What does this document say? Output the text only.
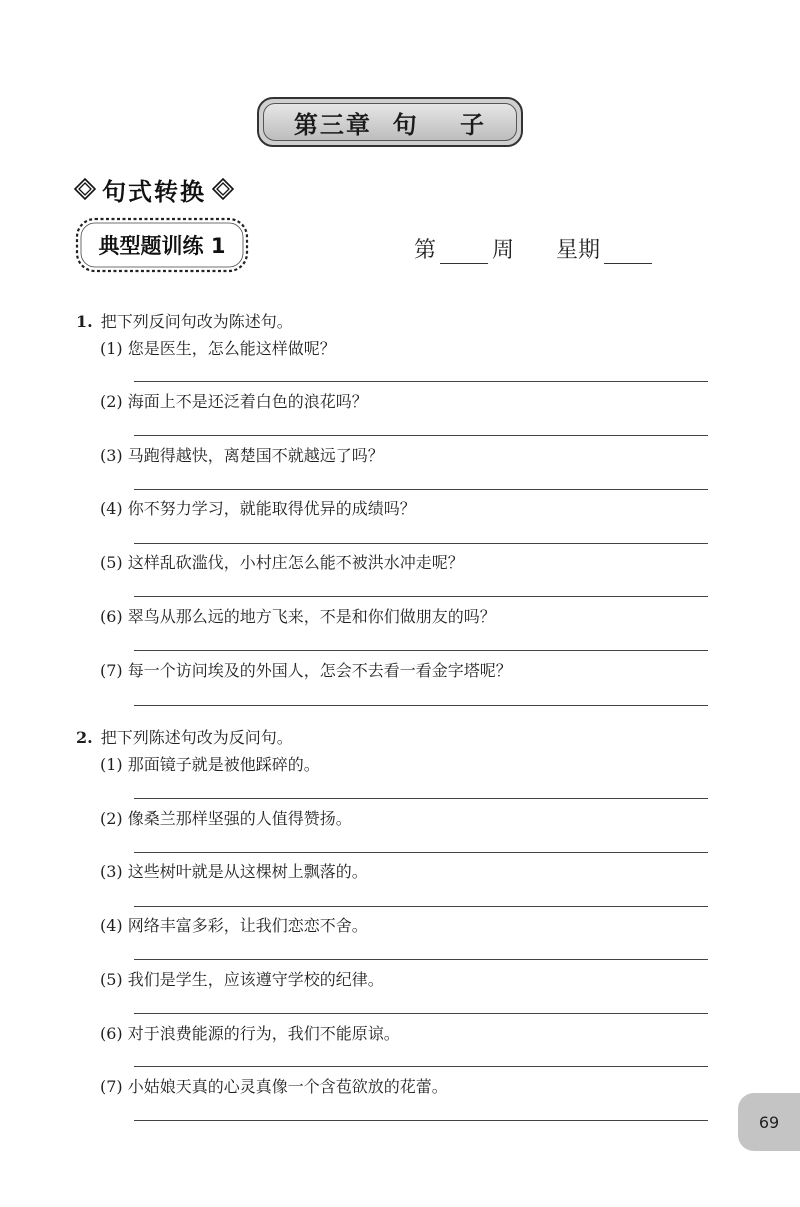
第三章  句    子
句式转换
典型题训练 1	第	周 星期
1. 把下列反问句改为陈述句。
(1) 您是医生，怎么能这样做呢？
(2) 海面上不是还泛着白色的浪花吗？
(3) 马跑得越快，离楚国不就越远了吗？
(4) 你不努力学习，就能取得优异的成绩吗？
(5) 这样乱砍滥伐，小村庄怎么能不被洪水冲走呢？
(6) 翠鸟从那么远的地方飞来，不是和你们做朋友的吗？
(7) 每一个访问埃及的外国人，怎会不去看一看金字塔呢？
2. 把下列陈述句改为反问句。
(1) 那面镜子就是被他踩碎的。
(2) 像桑兰那样坚强的人值得赞扬。
(3) 这些树叶就是从这棵树上飘落的。
(4) 网络丰富多彩，让我们恋恋不舍。
(5) 我们是学生，应该遵守学校的纪律。
(6) 对于浪费能源的行为，我们不能原谅。
(7) 小姑娘天真的心灵真像一个含苞欲放的花蕾。
69
